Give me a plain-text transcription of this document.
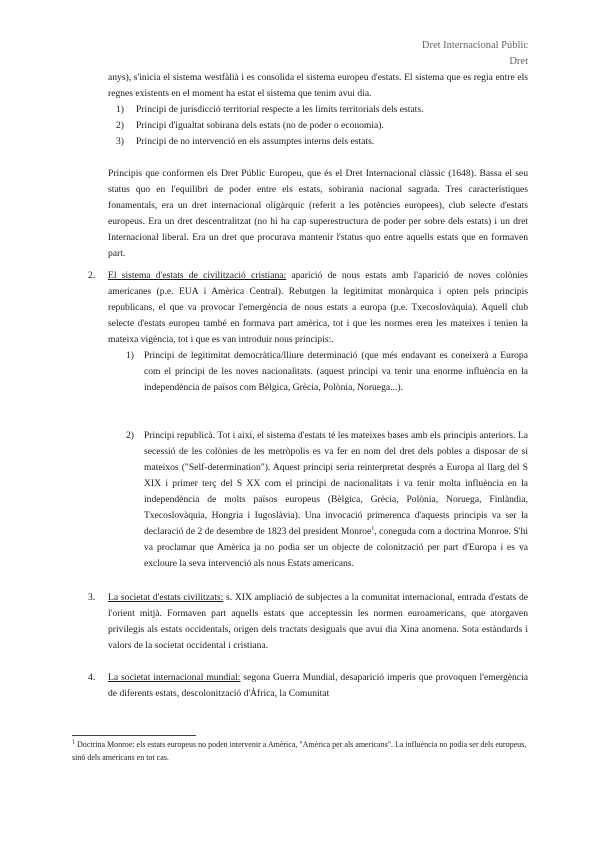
Dret Internacional Públic
Dret

anys), s'inicia el sistema westfàlià i es consolida el sistema europeu d'estats. El sistema que es regia entre els regnes existents en el moment ha estat el sistema que tenim avui dia.

1)	Principi de jurisdicció territorial respecte a les límits territorials dels estats.
2)	Principi d'igualtat sobirana dels estats (no de poder o economia).
3)	Principi de no intervenció en els assumptes interns dels estats.

Principis que conformen els Dret Públic Europeu, que és el Dret Internacional clàssic (1648). Bassa el seu status quo en l'equilibri de poder entre els estats, sobirania nacional sagrada. Tres característiques fonamentals, era un dret internacional oligàrquic (referit a les potències europees), club selecte d'estats europeus. Era un dret descentralitzat (no hi ha cap superestructura de poder per sobre dels estats) i un dret Internacional liberal. Era un dret que procurava mantenir l'status quo entre aquells estats que en formaven part.

2. El sistema d'estats de civilització cristiana: aparició de nous estats amb l'aparició de noves colònies americanes (p.e. EUA i Amèrica Central). Rebutgen la legitimitat monàrquica i opten pels principis republicans, el que va provocar l'emergència de nous estats a europa (p.e. Txecoslovàquia). Aquell club selecte d'estats europeu també en formava part amèrica, tot i que les normes eren les mateixes i tenien la mateixa vigència, tot i que es van introduir nous principis:.

1) Principi de legitimitat democràtica/lliure determinació (que més endavant es coneixerà a Europa com el principi de les noves nacionalitats. (aquest principi va tenir una enorme influència en la independència de països com Bèlgica, Grècia, Polònia, Noruega...).

2) Principi republicà. Tot i així, el sistema d'estats té les mateixes bases amb els principis anteriors. La secessió de les colònies de les metròpolis es va fer en nom del dret dels pobles a disposar de si mateixos ("Self-determination"). Aquest principi seria reinterpretat després a Europa al llarg del S XIX i primer terç del S XX com el principi de nacionalitats i va tenir molta influència en la independència de molts països europeus (Bèlgica, Grècia, Polònia, Noruega, Finlàndia, Txecoslovàquia, Hongria i Iugoslàvia). Una invocació primerenca d'aquests principis va ser la declaració de 2 de desembre de 1823 del president Monroe$^1$, coneguda com a doctrina Monroe. S'hi va proclamar que Amèrica ja no podia ser un objecte de colonització per part d'Europa i es va excloure la seva intervenció als nous Estats americans.

3. La societat d'estats civilitzats: s. XIX ampliació de subjectes a la comunitat internacional, entrada d'estats de l'orient mitjà. Formaven part aquells estats que acceptessin les normen euroamericans, que atorgaven privilegis als estats occidentals, origen dels tractats desiguals que avui dia Xina anomena. Sota estàndards i valors de la societat occidental i cristiana.

4. La societat internacional mundial: segona Guerra Mundial, desaparició imperis que provoquen l'emergència de diferents estats, descolonització d'Àfrica, la Comunitat

$^1$ Doctrina Monroe: els estats europeus no poden intervenir a Amèrica, "Amèrica per als americans". La influència no podia ser dels europeus, sinó dels americans en tot cas.
